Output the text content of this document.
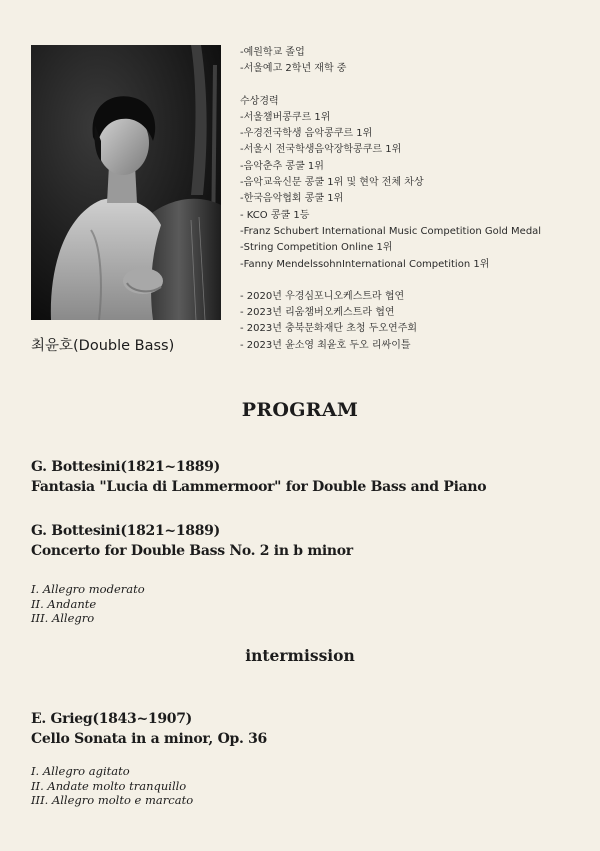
최윤호(Double Bass)
-예원학교 졸업
-서울예고 2학년 재학 중
수상경력
-서울챔버콩쿠르 1위
-우경전국학생 음악콩쿠르 1위
-서울시 전국학생음악장학콩쿠르 1위
-음악춘추 콩쿨 1위
-음악교육신문 콩쿨 1위 및 현악 전체 차상
-한국음악협회 콩쿨 1위
- KCO 콩쿨 1등
-Franz Schubert International Music Competition Gold Medal
-String Competition Online 1위
-Fanny MendelssohnInternational Competition 1위
- 2020년 우경심포니오케스트라 협연
- 2023년 리움챔버오케스트라 협연
- 2023년 충북문화재단 초청 두오연주회
- 2023년 윤소영 최윤호 두오 리싸이틀
PROGRAM
G. Bottesini(1821~1889)
Fantasia "Lucia di Lammermoor" for Double Bass and Piano
G. Bottesini(1821~1889)
Concerto for Double Bass No. 2 in b minor
I. Allegro moderato
II. Andante
III. Allegro
intermission
E. Grieg(1843~1907)
Cello Sonata in a minor, Op. 36
I. Allegro agitato
II. Andate molto tranquillo
III. Allegro molto e marcato
